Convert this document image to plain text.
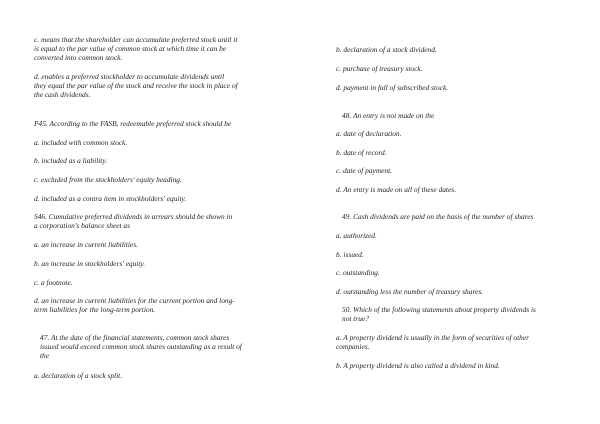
c. means that the shareholder can accumulate preferred stock until it
is equal to the par value of common stock at which time it can be
converted into common stock.

d. enables a preferred stockholder to accumulate dividends until
they equal the par value of the stock and receive the stock in place of
the cash dividends.

P45. According to the FASB, redeemable preferred stock should be

a. included with common stock.

b. included as a liability.

c. excluded from the stockholders' equity heading.

d. included as a contra item in stockholders' equity.

S46. Cumulative preferred dividends in arrears should be shown in
a corporation's balance sheet as

a. an increase in current liabilities.

b. an increase in stockholders' equity.

c. a footnote.

d. an increase in current liabilities for the current portion and long-
term liabilities for the long-term portion.

47. At the date of the financial statements, common stock shares
issued would exceed common stock shares outstanding as a result of
the

a. declaration of a stock split.

b. declaration of a stock dividend.

c. purchase of treasury stock.

d. payment in full of subscribed stock.

48. An entry is not made on the

a. date of declaration.

b. date of record.

c. date of payment.

d. An entry is made on all of these dates.

49. Cash dividends are paid on the basis of the number of shares

a. authorized.

b. issued.

c. outstanding.

d. outstanding less the number of treasury shares.

50. Which of the following statements about property dividends is
not true?

a. A property dividend is usually in the form of securities of other
companies.

b. A property dividend is also called a dividend in kind.
